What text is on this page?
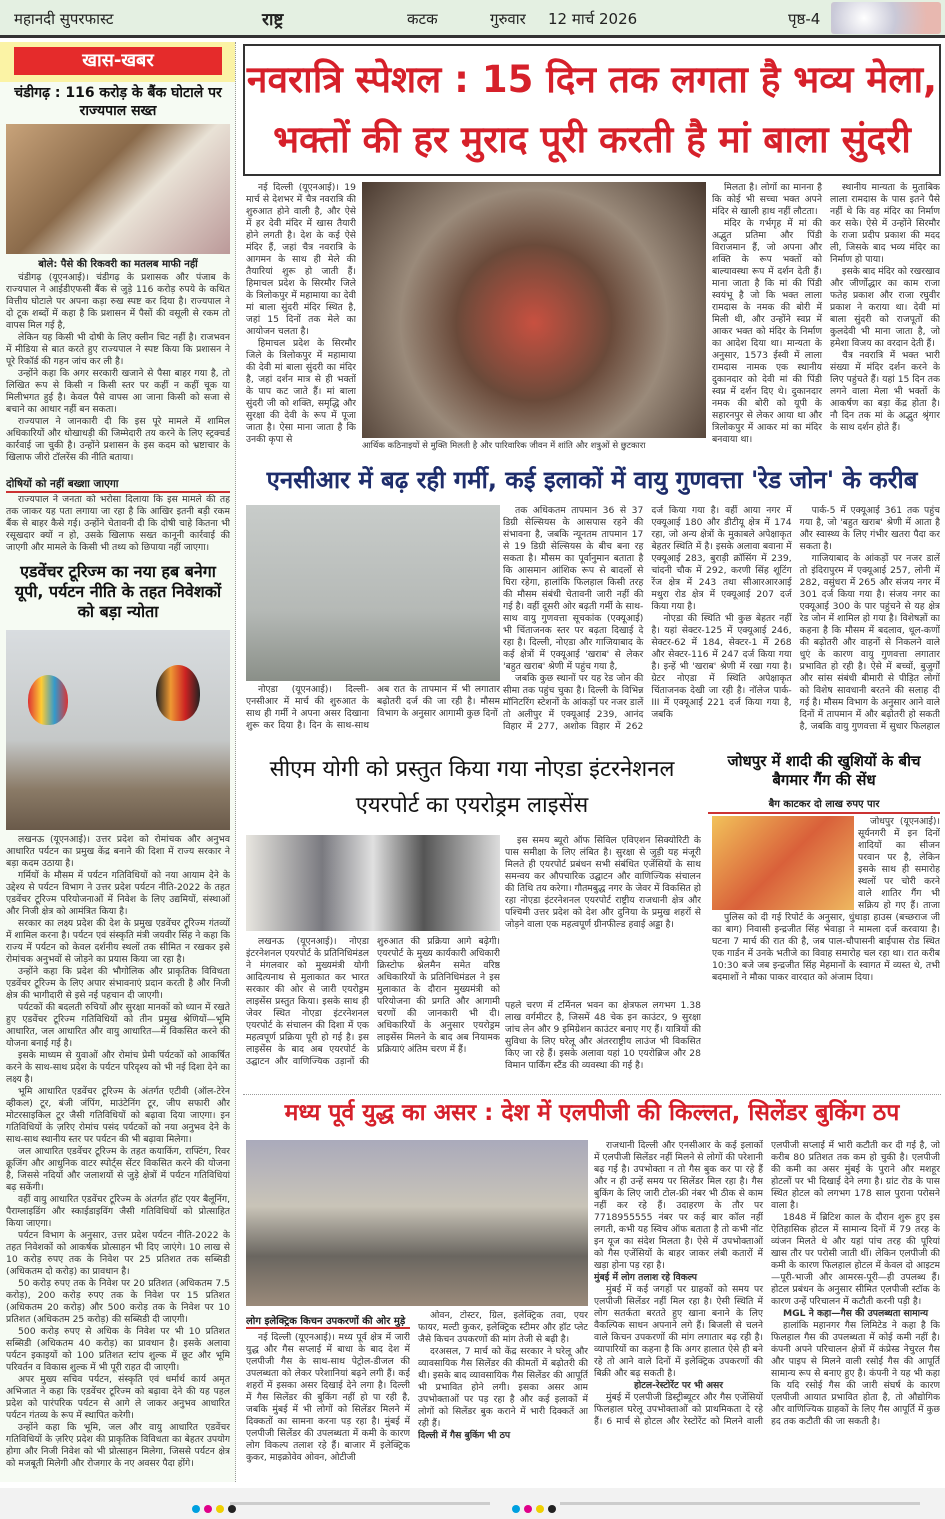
महानदी सुपरफास्ट	राष्ट्र	कटक	गुरुवार 12 मार्च 2026	पृष्ठ-4
खास-खबर
चंडीगढ़ : 116 करोड़ के बैंक घोटाले पर राज्यपाल सख्त
बोले: पैसे की रिकवरी का मतलब माफी नहीं

चंडीगढ़ (यूएनआई)। चंडीगढ़ के प्रशासक और पंजाब के राज्यपाल ने आईडीएफसी बैंक से जुड़े 116 करोड़ रुपये के कथित वित्तीय घोटाले पर अपना कड़ा रुख स्पष्ट कर दिया है। राज्यपाल ने दो टूक शब्दों में कहा है कि प्रशासन में पैसों की वसूली से रकम तो वापस मिल गई है,

लेकिन यह किसी भी दोषी के लिए क्लीन चिट नहीं है। राजभवन में मीडिया से बात करते हुए राज्यपाल ने स्पष्ट किया कि प्रशासन ने पूरे रिकॉर्ड की गहन जांच कर ली है।

उन्होंने कहा कि अगर सरकारी खजाने से पैसा बाहर गया है, तो लिखित रूप से किसी न किसी स्तर पर कहीं न कहीं चूक या मिलीभगत हुई है। केवल पैसे वापस आ जाना किसी को सजा से बचाने का आधार नहीं बन सकता।

राज्यपाल ने जानकारी दी कि इस पूरे मामले में शामिल अधिकारियों और धोखाधड़ी की जिम्मेदारी तय करने के लिए स्ट्रक्चर्ड कार्रवाई जा चुकी है। उन्होंने प्रशासन के इस कदम को भ्रष्टाचार के खिलाफ जीरो टॉलरेंस की नीति बताया।

दोषियों को नहीं बख्शा जाएगा

राज्यपाल ने जनता को भरोसा दिलाया कि इस मामले की तह तक जाकर यह पता लगाया जा रहा है कि आखिर इतनी बड़ी रकम बैंक से बाहर कैसे गई। उन्होंने चेतावनी दी कि दोषी चाहे कितना भी रसूखदार क्यों न हो, उसके खिलाफ सख्त कानूनी कार्रवाई की जाएगी और मामले के किसी भी तथ्य को छिपाया नहीं जाएगा।

एडवेंचर टूरिज्म का नया हब बनेगा यूपी, पर्यटन नीति के तहत निवेशकों को बड़ा न्योता

लखनऊ (यूएनआई)। उत्तर प्रदेश को रोमांचक और अनुभव आधारित पर्यटन का प्रमुख केंद्र बनाने की दिशा में राज्य सरकार ने बड़ा कदम उठाया है।

गर्मियों के मौसम में पर्यटन गतिविधियों को नया आयाम देने के उद्देश्य से पर्यटन विभाग ने उत्तर प्रदेश पर्यटन नीति-2022 के तहत एडवेंचर टूरिज्म परियोजनाओं में निवेश के लिए उद्यमियों, संस्थाओं और निजी क्षेत्र को आमंत्रित किया है।

सरकार का लक्ष्य प्रदेश की देश के प्रमुख एडवेंचर टूरिज्म गंतव्यों में शामिल करना है। पर्यटन एवं संस्कृति मंत्री जयवीर सिंह ने कहा कि राज्य में पर्यटन को केवल दर्शनीय स्थलों तक सीमित न रखकर इसे रोमांचक अनुभवों से जोड़ने का प्रयास किया जा रहा है।

उन्होंने कहा कि प्रदेश की भौगोलिक और प्राकृतिक विविधता एडवेंचर टूरिज्म के लिए अपार संभावनाएं प्रदान करती है और निजी क्षेत्र की भागीदारी से इसे नई पहचान दी जाएगी।

पर्यटकों की बदलती रुचियों और सुरक्षा मानकों को ध्यान में रखते हुए एडवेंचर टूरिज्म गतिविधियों को तीन प्रमुख श्रेणियों—भूमि आधारित, जल आधारित और वायु आधारित—में विकसित करने की योजना बनाई गई है।

इसके माध्यम से युवाओं और रोमांच प्रेमी पर्यटकों को आकर्षित करने के साथ-साथ प्रदेश के पर्यटन परिदृश्य को भी नई दिशा देने का लक्ष्य है।

भूमि आधारित एडवेंचर टूरिज्म के अंतर्गत एटीवी (ऑल-टेरेन व्हीकल) टूर, बंजी जंपिंग, माउंटेनिंग टूर, जीप सफारी और मोटरसाइकिल टूर जैसी गतिविधियों को बढ़ावा दिया जाएगा। इन गतिविधियों के ज़रिए रोमांच पसंद पर्यटकों को नया अनुभव देने के साथ-साथ स्थानीय स्तर पर पर्यटन की भी बढ़ावा मिलेगा।

जल आधारित एडवेंचर टूरिज्म के तहत कयाकिंग, राफ्टिंग, रिवर क्रूजिंग और आधुनिक वाटर स्पोर्ट्स सेंटर विकसित करने की योजना है, जिससे नदियों और जलाशयों से जुड़े क्षेत्रों में पर्यटन गतिविधियां बढ़ सकेंगी।

वहीं वायु आधारित एडवेंचर टूरिज्म के अंतर्गत हॉट एयर बैलूनिंग, पैराग्लाइडिंग और स्काईडाइविंग जैसी गतिविधियों को प्रोत्साहित किया जाएगा।

पर्यटन विभाग के अनुसार, उत्तर प्रदेश पर्यटन नीति-2022 के तहत निवेशकों को आकर्षक प्रोत्साहन भी दिए जाएंगे। 10 लाख से 10 करोड़ रुपए तक के निवेश पर 25 प्रतिशत तक सब्सिडी (अधिकतम दो करोड़) का प्रावधान है।

50 करोड़ रुपए तक के निवेश पर 20 प्रतिशत (अधिकतम 7.5 करोड़), 200 करोड़ रुपए तक के निवेश पर 15 प्रतिशत (अधिकतम 20 करोड़) और 500 करोड़ तक के निवेश पर 10 प्रतिशत (अधिकतम 25 करोड़) की सब्सिडी दी जाएगी।

500 करोड़ रुपए से अधिक के निवेश पर भी 10 प्रतिशत सब्सिडी (अधिकतम 40 करोड़) का प्रावधान है। इसके अलावा पर्यटन इकाइयों को 100 प्रतिशत स्टांप शुल्क में छूट और भूमि परिवर्तन व विकास शुल्क में भी पूरी राहत दी जाएगी।

अपर मुख्य सचिव पर्यटन, संस्कृति एवं धर्मार्थ कार्य अमृत अभिजात ने कहा कि एडवेंचर टूरिज्म को बढ़ावा देने की यह पहल प्रदेश को पारंपरिक पर्यटन से आगे ले जाकर अनुभव आधारित पर्यटन गंतव्य के रूप में स्थापित करेगी।

उन्होंने कहा कि भूमि, जल और वायु आधारित एडवेंचर गतिविधियों के ज़रिए प्रदेश की प्राकृतिक विविधता का बेहतर उपयोग होगा और निजी निवेश को भी प्रोत्साहन मिलेगा, जिससे पर्यटन क्षेत्र को मजबूती मिलेगी और रोजगार के नए अवसर पैदा होंगे।

नवरात्रि स्पेशल : 15 दिन तक लगता है भव्य मेला, भक्तों की हर मुराद पूरी करती है मां बाला सुंदरी

नई दिल्ली (यूएनआई)। 19 मार्च से देशभर में चैत्र नवरात्रि की शुरुआत होने वाली है, और ऐसे में हर देवी मंदिर में खास तैयारी होने लगती है। देश के कई ऐसे मंदिर हैं, जहां चैत्र नवरात्रि के आगमन के साथ ही मेले की तैयारियां शुरू हो जाती हैं। हिमाचल प्रदेश के सिरमौर जिले के त्रिलोकपुर में महामाया का देवी मां बाला सुंदरी मंदिर स्थित है, जहां 15 दिनों तक मेले का आयोजन चलता है।

हिमाचल प्रदेश के सिरमौर जिले के त्रिलोकपुर में महामाया की देवी मां बाला सुंदरी का मंदिर है, जहां दर्शन मात्र से ही भक्तों के पाप कट जाते हैं। मां बाला सुंदरी जी को शक्ति, समृद्धि और सुरक्षा की देवी के रूप में पूजा जाता है। ऐसा माना जाता है कि उनकी कृपा से

आर्थिक कठिनाइयों से मुक्ति मिलती है और पारिवारिक जीवन में शांति और शत्रुओं से छुटकारा

मिलता है। लोगों का मानना है कि कोई भी सच्चा भक्त अपने मंदिर से खाली हाथ नहीं लौटता।

मंदिर के गर्भगृह में मां की अद्भुत प्रतिमा और पिंडी विराजमान हैं, जो अपना और शक्ति के रूप भक्तों को बाल्यावस्था रूप में दर्शन देती हैं। माना जाता है कि मां की पिंडी स्वयंभू है जो कि भक्त लाला रामदास के नमक की बोरी में मिली थी, और उन्होंने स्वप्न में आकर भक्त को मंदिर के निर्माण का आदेश दिया था। मान्यता के अनुसार, 1573 ईस्वी में लाला रामदास नामक एक स्थानीय दुकानदार को देवी मां की पिंडी स्वप्न में दर्शन दिए थे। दुकानदार नमक की बोरी को यूपी के सहारनपुर से लेकर आया था और त्रिलोकपुर में आकर मां का मंदिर बनवाया था।

स्थानीय मान्यता के मुताबिक लाला रामदास के पास इतने पैसे नहीं थे कि वह मंदिर का निर्माण कर सके। ऐसे में उन्होंने सिरमौर के राजा प्रदीप प्रकाश की मदद ली, जिसके बाद भव्य मंदिर का निर्माण हो पाया।

इसके बाद मंदिर को रखरखाव और जीर्णोद्धार का काम राजा फतेह प्रकाश और राजा रघुवीर प्रकाश ने कराया था। देवी मां बाला सुंदरी को राजपूतों की कुलदेवी भी माना जाता है, जो हमेशा विजय का वरदान देती हैं।

चैत्र नवरात्रि में भक्त भारी संख्या में मंदिर दर्शन करने के लिए पहुंचते हैं। यहां 15 दिन तक लगने वाला मेला भी भक्तों के आकर्षण का बड़ा केंद्र होता है। नौ दिन तक मां के अद्भुत श्रृंगार के साथ दर्शन होते हैं।

एनसीआर में बढ़ रही गर्मी, कई इलाकों में वायु गुणवत्ता 'रेड जोन' के करीब

नोएडा (यूएनआई)। दिल्ली-एनसीआर में मार्च की शुरुआत के साथ ही गर्मी ने अपना असर दिखाना शुरू कर दिया है। दिन के साथ-साथ अब रात के तापमान में भी लगातार बढ़ोतरी दर्ज की जा रही है। मौसम विभाग के अनुसार आगामी कुछ दिनों

तक अधिकतम तापमान 36 से 37 डिग्री सेल्सियस के आसपास रहने की संभावना है, जबकि न्यूनतम तापमान 17 से 19 डिग्री सेल्सियस के बीच बना रह सकता है। मौसम का पूर्वानुमान बताता है कि आसमान आंशिक रूप से बादलों से घिरा रहेगा, हालांकि फिलहाल किसी तरह की मौसम संबंधी चेतावनी जारी नहीं की गई है। वहीं दूसरी ओर बढ़ती गर्मी के साथ-साथ वायु गुणवत्ता सूचकांक (एक्यूआई) भी चिंताजनक स्तर पर बढ़ता दिखाई दे रहा है। दिल्ली, नोएडा और गाजियाबाद के कई क्षेत्रों में एक्यूआई 'खराब' से लेकर 'बहुत खराब' श्रेणी में पहुंच गया है,

जबकि कुछ स्थानों पर यह रेड जोन की सीमा तक पहुंच चुका है। दिल्ली के विभिन्न मॉनिटरिंग स्टेशनों के आंकड़ों पर नजर डालें तो अलीपुर में एक्यूआई 239, आनंद विहार में 277, अशोक विहार में 262 दर्ज किया गया है। वहीं आया नगर में एक्यूआई 180 और डीटीयू क्षेत्र में 174 रहा, जो अन्य क्षेत्रों के मुकाबले अपेक्षाकृत बेहतर स्थिति में है। इसके अलावा बवाना में एक्यूआई 283, बुराड़ी क्रॉसिंग में 239, चांदनी चौक में 292, करणी सिंह शूटिंग रेंज क्षेत्र में 243 तथा सीआरआरआई मथुरा रोड क्षेत्र में एक्यूआई 207 दर्ज किया गया है।

नोएडा की स्थिति भी कुछ बेहतर नहीं है। यहां सेक्टर-125 में एक्यूआई 246, सेक्टर-62 में 184, सेक्टर-1 में 268 और सेक्टर-116 में 247 दर्ज किया गया है। इन्हें भी 'खराब' श्रेणी में रखा गया है। ग्रेटर नोएडा में स्थिति अपेक्षाकृत चिंताजनक देखी जा रही है। नॉलेज पार्क-III में एक्यूआई 221 दर्ज किया गया है, जबकि

पार्क-5 में एक्यूआई 361 तक पहुंच गया है, जो 'बहुत खराब' श्रेणी में आता है और स्वास्थ्य के लिए गंभीर खतरा पैदा कर सकता है।

गाजियाबाद के आंकड़ों पर नजर डालें तो इंदिरापुरम में एक्यूआई 257, लोनी में 282, वसुंधरा में 265 और संजय नगर में 301 दर्ज किया गया है। संजय नगर का एक्यूआई 300 के पार पहुंचने से यह क्षेत्र रेड जोन में शामिल हो गया है। विशेषज्ञों का कहना है कि मौसम में बदलाव, धूल-कणों की बढ़ोतरी और वाहनों से निकलने वाले धुएं के कारण वायु गुणवत्ता लगातार प्रभावित हो रही है। ऐसे में बच्चों, बुजुर्गों और सांस संबंधी बीमारी से पीड़ित लोगों को विशेष सावधानी बरतने की सलाह दी गई है। मौसम विभाग के अनुसार आने वाले दिनों में तापमान में और बढ़ोतरी हो सकती है, जबकि वायु गुणवत्ता में सुधार फिलहाल

सीएम योगी को प्रस्तुत किया गया नोएडा इंटरनेशनल एयरपोर्ट का एयरोड्रम लाइसेंस

लखनऊ (यूएनआई)। नोएडा इंटरनेशनल एयरपोर्ट के प्रतिनिधिमंडल ने मंगलवार को मुख्यमंत्री योगी आदित्यनाथ से मुलाकात कर भारत सरकार की ओर से जारी एयरोड्रम लाइसेंस प्रस्तुत किया। इसके साथ ही जेवर स्थित नोएडा इंटरनेशनल एयरपोर्ट के संचालन की दिशा में एक महत्वपूर्ण प्रक्रिया पूरी हो गई है। इस लाइसेंस के बाद अब एयरपोर्ट के उद्घाटन और वाणिज्यिक उड़ानों की शुरुआत की प्रक्रिया आगे बढ़ेगी। एयरपोर्ट के मुख्य कार्यकारी अधिकारी क्रिस्टोफ श्नेलमैन समेत वरिष्ठ अधिकारियों के प्रतिनिधिमंडल ने इस मुलाकात के दौरान मुख्यमंत्री को परियोजना की प्रगति और आगामी चरणों की जानकारी भी दी। अधिकारियों के अनुसार एयरोड्रम लाइसेंस मिलने के बाद अब नियामक प्रक्रियाएं अंतिम चरण में हैं।

इस समय ब्यूरो ऑफ सिविल एविएशन सिक्योरिटी के पास समीक्षा के लिए लंबित है। सुरक्षा से जुड़ी यह मंजूरी मिलते ही एयरपोर्ट प्रबंधन सभी संबंधित एजेंसियों के साथ समन्वय कर औपचारिक उद्घाटन और वाणिज्यिक संचालन की तिथि तय करेगा। गौतमबुद्ध नगर के जेवर में विकसित हो रहा नोएडा इंटरनेशनल एयरपोर्ट राष्ट्रीय राजधानी क्षेत्र और पश्चिमी उत्तर प्रदेश को देश और दुनिया के प्रमुख शहरों से जोड़ने वाला एक महत्वपूर्ण ग्रीनफील्ड हवाई अड्डा है।

पहले चरण में टर्मिनल भवन का क्षेत्रफल लगभग 1.38 लाख वर्गमीटर है, जिसमें 48 चेक इन काउंटर, 9 सुरक्षा जांच लेन और 9 इमिग्रेशन काउंटर बनाए गए हैं। यात्रियों की सुविधा के लिए घरेलू और अंतरराष्ट्रीय लाउंज भी विकसित किए जा रहे हैं। इसके अलावा यहां 10 एयरोब्रिज और 28 विमान पार्किंग स्टैंड की व्यवस्था की गई है।
जोधपुर में शादी की खुशियों के बीच बैगमार गैंग की सेंध
बैग काटकर दो लाख रुपए पार

जोधपुर (यूएनआई)। सूर्यनगरी में इन दिनों शादियों का सीजन परवान पर है, लेकिन इसके साथ ही समारोह स्थलों पर चोरी करने वाले शातिर गैंग भी सक्रिय हो गए हैं। ताजा

पुलिस को दी गई रिपोर्ट के अनुसार, धुंधाड़ा हाउस (बच्छराज जी का बाग) निवासी इन्द्रजीत सिंह भेवाड़ा ने मामला दर्ज करवाया है। घटना 7 मार्च की रात की है, जब पाल-चौपासनी बाईपास रोड स्थित एक गार्डन में उनके भतीजे का विवाह समारोह चल रहा था। रात करीब 10:30 बजे जब इन्द्रजीत सिंह मेहमानों के स्वागत में व्यस्त थे, तभी बदमाशों ने मौका पाकर वारदात को अंजाम दिया।

मध्य पूर्व युद्ध का असर : देश में एलपीजी की किल्लत, सिलेंडर बुकिंग ठप
लोग इलेक्ट्रिक किचन उपकरणों की ओर मुड़े

नई दिल्ली (यूएनआई)। मध्य पूर्व क्षेत्र में जारी युद्ध और गैस सप्लाई में बाधा के बाद देश में एलपीजी गैस के साथ-साथ पेट्रोल-डीजल की उपलब्धता को लेकर परेशानियां बढ़ने लगी हैं। कई शहरों में इसका असर दिखाई देने लगा है। दिल्ली में गैस सिलेंडर की बुकिंग नहीं हो पा रही है, जबकि मुंबई में भी लोगों को सिलेंडर मिलने में दिक्कतों का सामना करना पड़ रहा है। मुंबई में एलपीजी सिलेंडर की उपलब्धता में कमी के कारण लोग विकल्प तलाश रहे हैं। बाजार में इलेक्ट्रिक कुकर, माइक्रोवेव ओवन, ओटीजी

ओवन, टोस्टर, ग्रिल, इलेक्ट्रिक तवा, एयर फायर, मल्टी कुकर, इलेक्ट्रिक स्टीमर और हॉट प्लेट जैसे किचन उपकरणों की मांग तेजी से बढ़ी है।

दरअसल, 7 मार्च को केंद्र सरकार ने घरेलू और व्यावसायिक गैस सिलेंडर की कीमतों में बढ़ोतरी की थी। इसके बाद व्यावसायिक गैस सिलेंडर की आपूर्ति भी प्रभावित होने लगी। इसका असर आम उपभोक्ताओं पर पड़ रहा है और कई इलाकों में लोगों को सिलेंडर बुक कराने में भारी दिक्कतें आ रही हैं।

दिल्ली में गैस बुकिंग भी ठप

राजधानी दिल्ली और एनसीआर के कई इलाकों में एलपीजी सिलेंडर नहीं मिलने से लोगों की परेशानी बढ़ गई है। उपभोक्ता न तो गैस बुक कर पा रहे हैं और न ही उन्हें समय पर सिलेंडर मिल रहा है। गैस बुकिंग के लिए जारी टोल-फ्री नंबर भी ठीक से काम नहीं कर रहे हैं। उदाहरण के तौर पर 7718955555 नंबर पर कई बार कॉल नहीं लगती, कभी यह स्विच ऑफ बताता है तो कभी नॉट इन यूज का संदेश मिलता है। ऐसे में उपभोक्ताओं को गैस एजेंसियों के बाहर जाकर लंबी कतारों में खड़ा होना पड़ रहा है।

मुंबई में लोग तलाश रहे विकल्प

मुंबई में कई जगहों पर ग्राहकों को समय पर एलपीजी सिलेंडर नहीं मिल रहा है। ऐसी स्थिति में लोग सतर्कता बरतते हुए खाना बनाने के लिए वैकल्पिक साधन अपनाने लगे हैं। बिजली से चलने वाले किचन उपकरणों की मांग लगातार बढ़ रही है। व्यापारियों का कहना है कि अगर हालात ऐसे ही बने रहे तो आने वाले दिनों में इलेक्ट्रिक उपकरणों की बिक्री और बढ़ सकती है।

होटल-रेस्टोरेंट पर भी असर

मुंबई में एलपीजी डिस्ट्रीब्यूटर और गैस एजेंसियों फिलहाल घरेलू उपभोक्ताओं को प्राथमिकता दे रहे हैं। 6 मार्च से होटल और रेस्टोरेंट को मिलने वाली एलपीजी सप्लाई में भारी कटौती कर दी गई है, जो करीब 80 प्रतिशत तक कम हो चुकी है। एलपीजी की कमी का असर मुंबई के पुराने और मशहूर होटलों पर भी दिखाई देने लगा है। ग्रांट रोड के पास स्थित होटल को लगभग 178 साल पुराना परोसने वाला है।

1848 में ब्रिटिश काल के दौरान शुरू हुए इस ऐतिहासिक होटल में सामान्य दिनों में 79 तरह के व्यंजन मिलते थे और यहां पांच तरह की पूरियां खास तौर पर परोसी जाती थीं। लेकिन एलपीजी की कमी के कारण फिलहाल होटल में केवल दो आइटम—पूरी-भाजी और आमरस-पूरी—ही उपलब्ध हैं। होटल प्रबंधन के अनुसार सीमित एलपीजी स्टॉक के कारण उन्हें परिचालन में कटौती करनी पड़ी है।

MGL ने कहा—गैस की उपलब्धता सामान्य

हालांकि महानगर गैस लिमिटेड ने कहा है कि फिलहाल गैस की उपलब्धता में कोई कमी नहीं है। कंपनी अपने परिचालन क्षेत्रों में कंप्रेस्ड नेचुरल गैस और पाइप से मिलने वाली रसोई गैस की आपूर्ति सामान्य रूप से बनाए हुए है। कंपनी ने यह भी कहा कि यदि रसोई गैस की जारी संघर्ष के कारण एलपीजी आयात प्रभावित होता है, तो औद्योगिक और वाणिज्यिक ग्राहकों के लिए गैस आपूर्ति में कुछ हद तक कटौती की जा सकती है।
